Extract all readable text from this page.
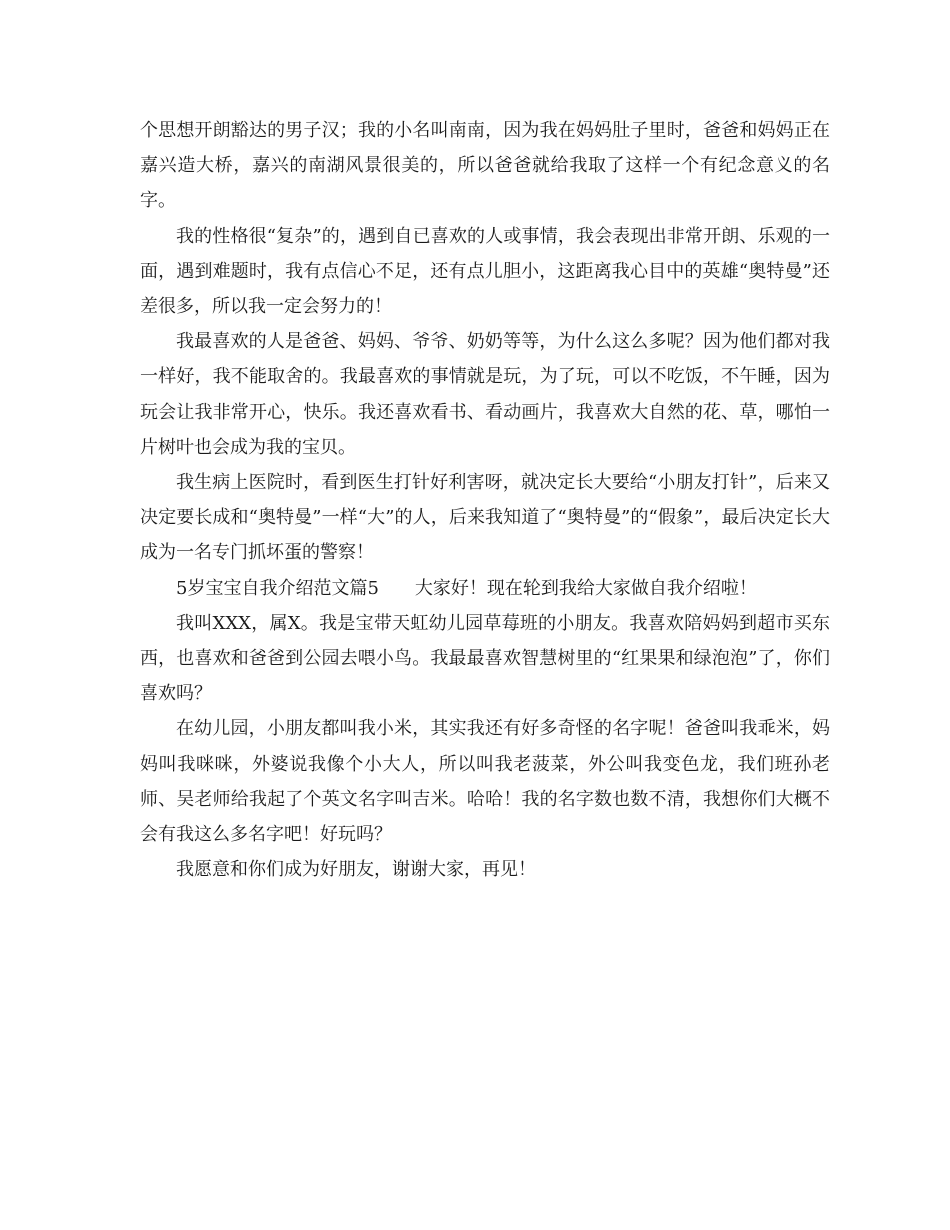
个思想开朗豁达的男子汉；我的小名叫南南，因为我在妈妈肚子里时，爸爸和妈妈正在嘉兴造大桥，嘉兴的南湖风景很美的，所以爸爸就给我取了这样一个有纪念意义的名字。

我的性格很“复杂”的，遇到自已喜欢的人或事情，我会表现出非常开朗、乐观的一面，遇到难题时，我有点信心不足，还有点儿胆小，这距离我心目中的英雄“奥特曼”还差很多，所以我一定会努力的！

我最喜欢的人是爸爸、妈妈、爷爷、奶奶等等，为什么这么多呢？因为他们都对我一样好，我不能取舍的。我最喜欢的事情就是玩，为了玩，可以不吃饭，不午睡，因为玩会让我非常开心，快乐。我还喜欢看书、看动画片，我喜欢大自然的花、草，哪怕一片树叶也会成为我的宝贝。

我生病上医院时，看到医生打针好利害呀，就决定长大要给“小朋友打针”，后来又决定要长成和“奥特曼”一样“大”的人，后来我知道了“奥特曼”的“假象”，最后决定长大成为一名专门抓坏蛋的警察！

5岁宝宝自我介绍范文篇5 大家好！现在轮到我给大家做自我介绍啦！

我叫XXX，属X。我是宝带天虹幼儿园草莓班的小朋友。我喜欢陪妈妈到超市买东西，也喜欢和爸爸到公园去喂小鸟。我最最喜欢智慧树里的“红果果和绿泡泡”了，你们喜欢吗？

在幼儿园，小朋友都叫我小米，其实我还有好多奇怪的名字呢！爸爸叫我乖米，妈妈叫我咪咪，外婆说我像个小大人，所以叫我老菠菜，外公叫我变色龙，我们班孙老师、吴老师给我起了个英文名字叫吉米。哈哈！我的名字数也数不清，我想你们大概不会有我这么多名字吧！好玩吗？

我愿意和你们成为好朋友，谢谢大家，再见！
